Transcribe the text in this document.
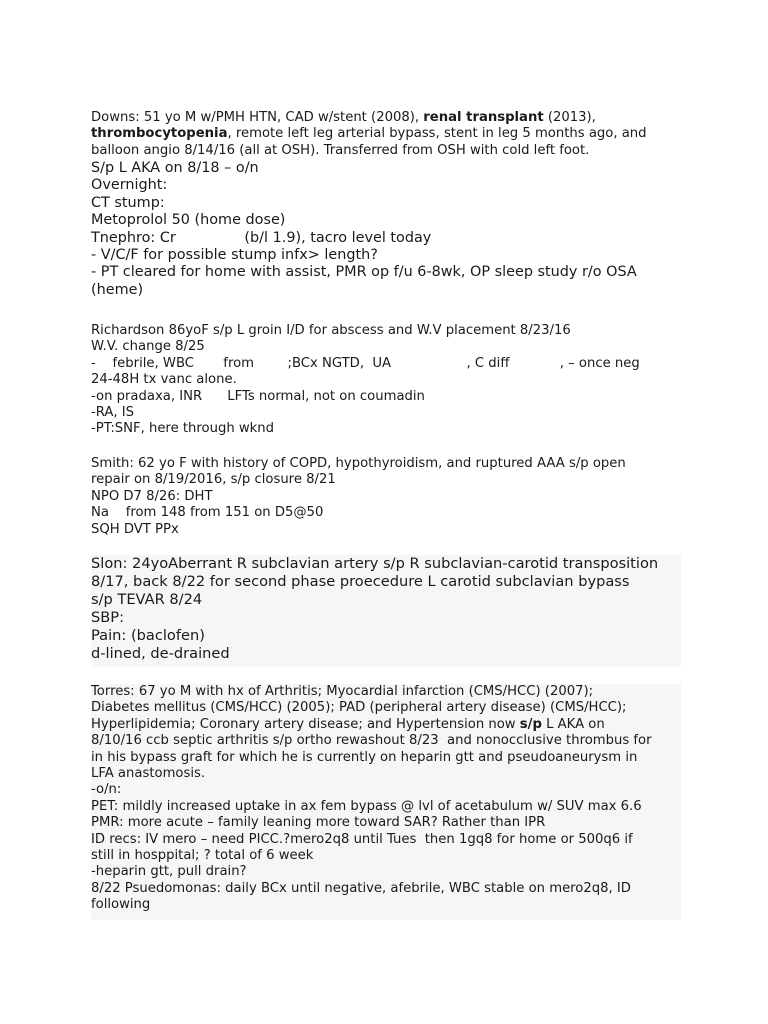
Downs: 51 yo M w/PMH HTN, CAD w/stent (2008), renal transplant (2013),
thrombocytopenia, remote left leg arterial bypass, stent in leg 5 months ago, and
balloon angio 8/14/16 (all at OSH). Transferred from OSH with cold left foot.
S/p L AKA on 8/18 – o/n
Overnight:
CT stump:
Metoprolol 50 (home dose)
Tnephro: Cr               (b/l 1.9), tacro level today
- V/C/F for possible stump infx> length?
- PT cleared for home with assist, PMR op f/u 6-8wk, OP sleep study r/o OSA
(heme)
Richardson 86yoF s/p L groin I/D for abscess and W.V placement 8/23/16
W.V. change 8/25
-    febrile, WBC       from        ;BCx NGTD,  UA                  , C diff            , – once neg
24-48H tx vanc alone.
-on pradaxa, INR      LFTs normal, not on coumadin
-RA, IS
-PT:SNF, here through wknd
Smith: 62 yo F with history of COPD, hypothyroidism, and ruptured AAA s/p open
repair on 8/19/2016, s/p closure 8/21
NPO D7 8/26: DHT
Na    from 148 from 151 on D5@50
SQH DVT PPx
Slon: 24yoAberrant R subclavian artery s/p R subclavian-carotid transposition
8/17, back 8/22 for second phase proecedure L carotid subclavian bypass
s/p TEVAR 8/24
SBP:
Pain: (baclofen)
d-lined, de-drained
Torres: 67 yo M with hx of Arthritis; Myocardial infarction (CMS/HCC) (2007);
Diabetes mellitus (CMS/HCC) (2005); PAD (peripheral artery disease) (CMS/HCC);
Hyperlipidemia; Coronary artery disease; and Hypertension now s/p L AKA on
8/10/16 ccb septic arthritis s/p ortho rewashout 8/23  and nonocclusive thrombus for
in his bypass graft for which he is currently on heparin gtt and pseudoaneurysm in
LFA anastomosis.
-o/n:
PET: mildly increased uptake in ax fem bypass @ lvl of acetabulum w/ SUV max 6.6
PMR: more acute – family leaning more toward SAR? Rather than IPR
ID recs: IV mero – need PICC.?mero2q8 until Tues  then 1gq8 for home or 500q6 if
still in hosppital; ? total of 6 week
-heparin gtt, pull drain?
8/22 Psuedomonas: daily BCx until negative, afebrile, WBC stable on mero2q8, ID
following
